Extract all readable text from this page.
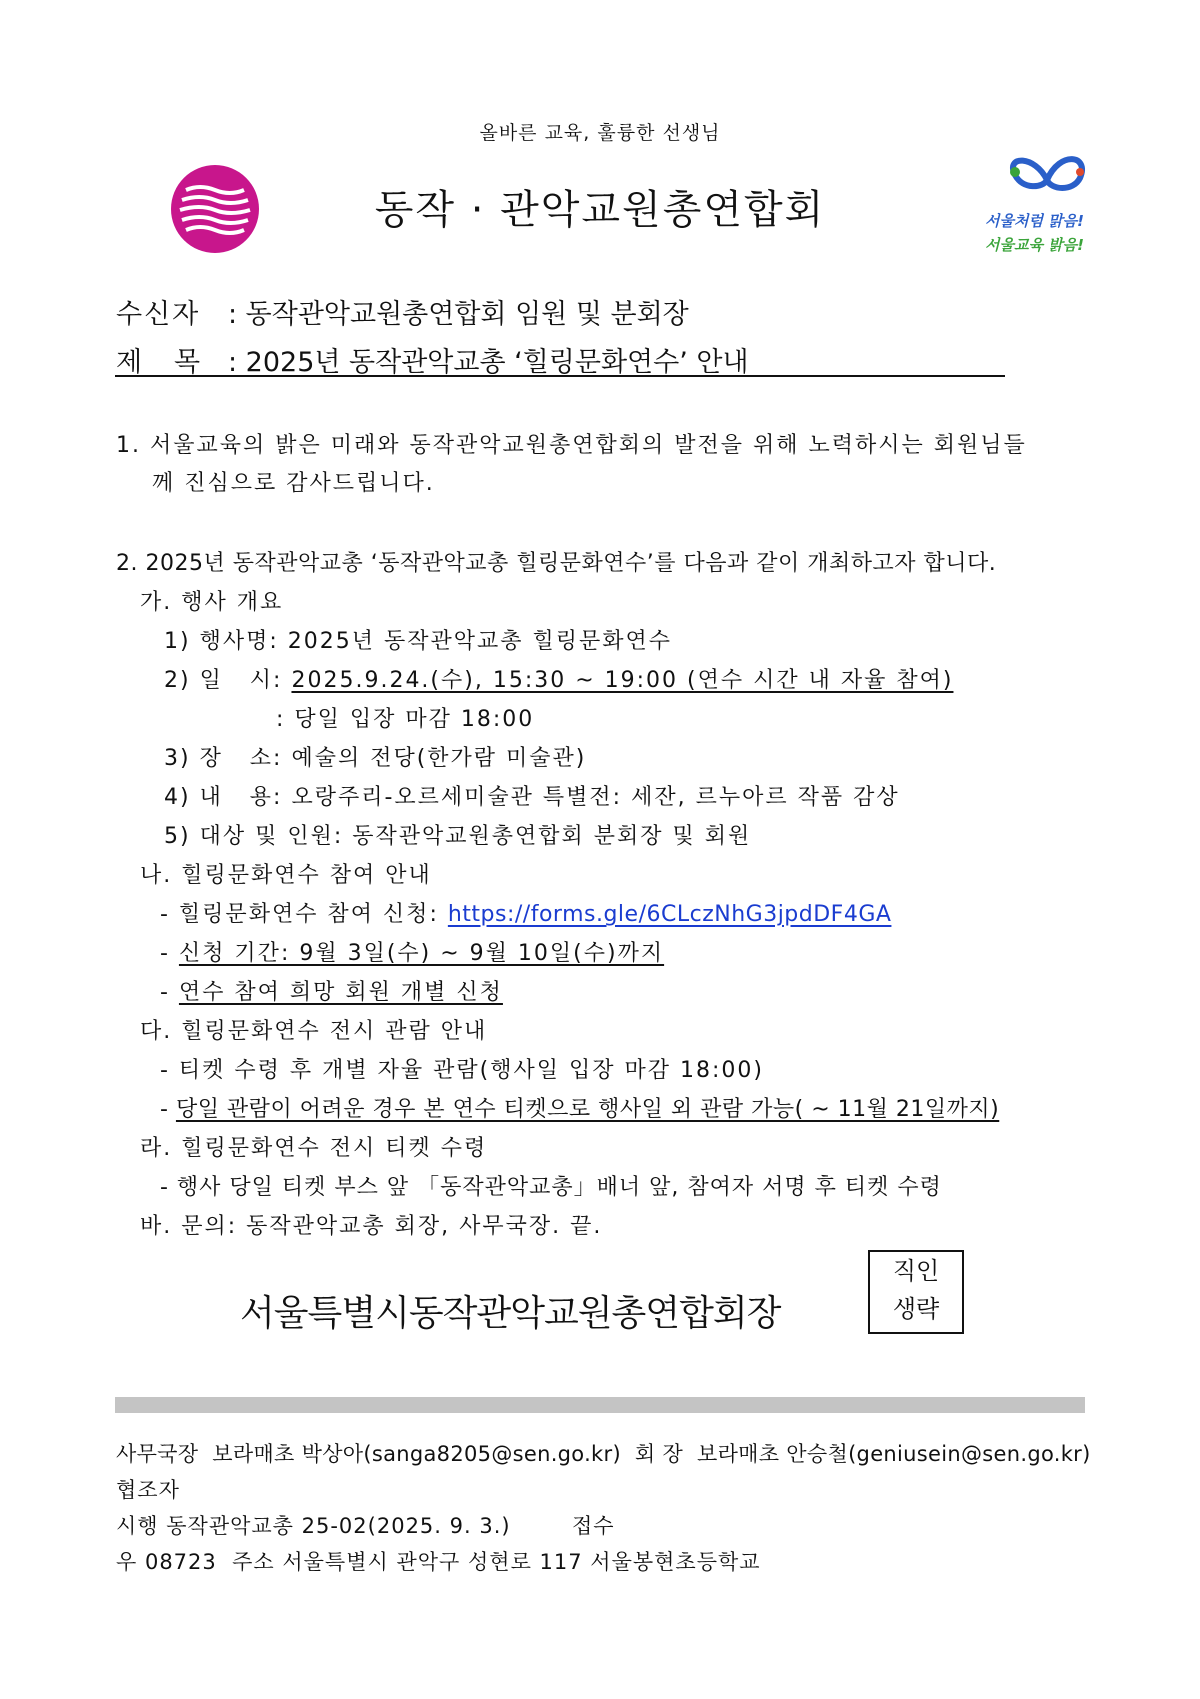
올바른 교육, 훌륭한 선생님
동작 · 관악교원총연합회	서울처럼 맑음!
서울교육 밝음!
수신자 : 동작관악교원총연합회 임원 및 분회장
제 목 : 2025년 동작관악교총 ‘힐링문화연수’ 안내
1. 서울교육의 밝은 미래와 동작관악교원총연합회의 발전을 위해 노력하시는 회원님들
께 진심으로 감사드립니다.
2. 2025년 동작관악교총 ‘동작관악교총 힐링문화연수’를 다음과 같이 개최하고자 합니다.
가. 행사 개요
1) 행사명: 2025년 동작관악교총 힐링문화연수
2) 일   시: 2025.9.24.(수), 15:30 ~ 19:00 (연수 시간 내 자율 참여)
: 당일 입장 마감 18:00
3) 장   소: 예술의 전당(한가람 미술관)
4) 내   용: 오랑주리-오르세미술관 특별전: 세잔, 르누아르 작품 감상
5) 대상 및 인원: 동작관악교원총연합회 분회장 및 회원
나. 힐링문화연수 참여 안내
- 힐링문화연수 참여 신청: https://forms.gle/6CLczNhG3jpdDF4GA
- 신청 기간: 9월 3일(수) ~ 9월 10일(수)까지
- 연수 참여 희망 회원 개별 신청
다. 힐링문화연수 전시 관람 안내
- 티켓 수령 후 개별 자율 관람(행사일 입장 마감 18:00)
- 당일 관람이 어려운 경우 본 연수 티켓으로 행사일 외 관람 가능( ~ 11월 21일까지)
라. 힐링문화연수 전시 티켓 수령
- 행사 당일 티켓 부스 앞 「동작관악교총」배너 앞, 참여자 서명 후 티켓 수령
바. 문의: 동작관악교총 회장, 사무국장. 끝.
서울특별시동작관악교원총연합회장
직인
생략
사무국장  보라매초 박상아(sanga8205@sen.go.kr)  회 장  보라매초 안승철(geniusein@sen.go.kr)
협조자
시행 동작관악교총 25-02(2025. 9. 3.)        접수
우 08723  주소 서울특별시 관악구 성현로 117 서울봉현초등학교
